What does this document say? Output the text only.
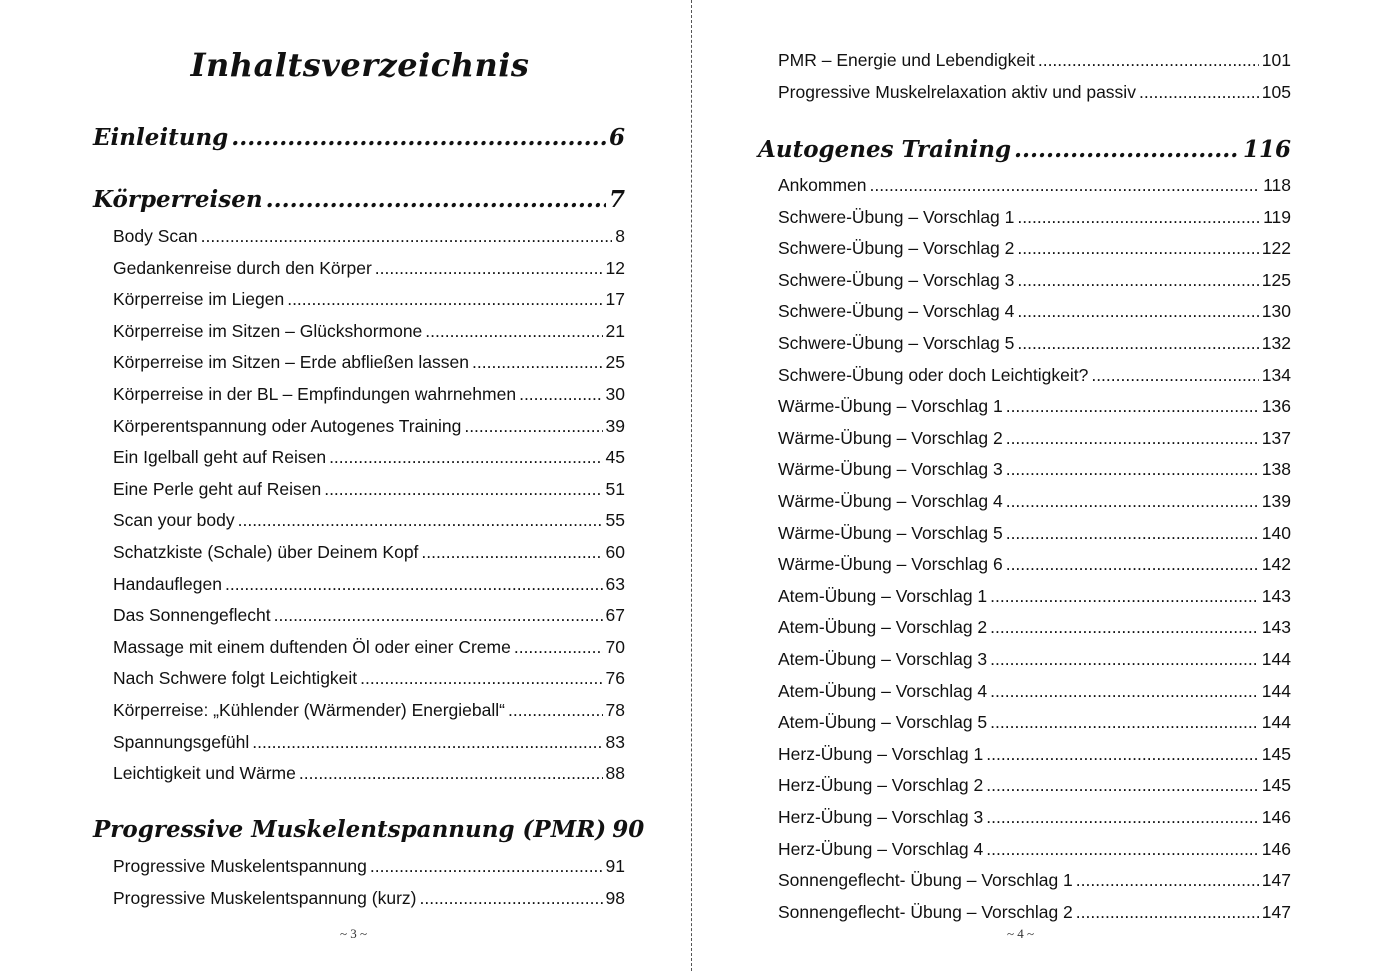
Inhaltsverzeichnis
Einleitung .....	6
Körperreisen .....	7
Body Scan .....	8
Gedankenreise durch den Körper .....	12
Körperreise im Liegen .....	17
Körperreise im Sitzen – Glückshormone .....	21
Körperreise im Sitzen – Erde abfließen lassen .....	25
Körperreise in der BL – Empfindungen wahrnehmen .....	30
Körperentspannung oder Autogenes Training .....	39
Ein Igelball geht auf Reisen .....	45
Eine Perle geht auf Reisen .....	51
Scan your body .....	55
Schatzkiste (Schale) über Deinem Kopf .....	60
Handauflegen .....	63
Das Sonnengeflecht .....	67
Massage mit einem duftenden Öl oder einer Creme .....	70
Nach Schwere folgt Leichtigkeit .....	76
Körperreise: „Kühlender (Wärmender) Energieball“ .....	78
Spannungsgefühl .....	83
Leichtigkeit und Wärme .....	88
Progressive Muskelentspannung (PMR) ..... 90
Progressive Muskelentspannung .....	91
Progressive Muskelentspannung (kurz) .....	98
~ 3 ~
PMR – Energie und Lebendigkeit .....	101
Progressive Muskelrelaxation aktiv und passiv .....	105
Autogenes Training .....	116
Ankommen .....	118
Schwere-Übung – Vorschlag 1 .....	119
Schwere-Übung – Vorschlag 2 .....	122
Schwere-Übung – Vorschlag 3 .....	125
Schwere-Übung – Vorschlag 4 .....	130
Schwere-Übung – Vorschlag 5 .....	132
Schwere-Übung oder doch Leichtigkeit? .....	134
Wärme-Übung – Vorschlag 1 .....	136
Wärme-Übung – Vorschlag 2 .....	137
Wärme-Übung – Vorschlag 3 .....	138
Wärme-Übung – Vorschlag 4 .....	139
Wärme-Übung – Vorschlag 5 .....	140
Wärme-Übung – Vorschlag 6 .....	142
Atem-Übung – Vorschlag 1 .....	143
Atem-Übung – Vorschlag 2 .....	143
Atem-Übung – Vorschlag 3 .....	144
Atem-Übung – Vorschlag 4 .....	144
Atem-Übung – Vorschlag 5 .....	144
Herz-Übung – Vorschlag 1 .....	145
Herz-Übung – Vorschlag 2 .....	145
Herz-Übung – Vorschlag 3 .....	146
Herz-Übung – Vorschlag 4 .....	146
Sonnengeflecht- Übung – Vorschlag 1 .....	147
Sonnengeflecht- Übung – Vorschlag 2 .....	147
~ 4 ~
